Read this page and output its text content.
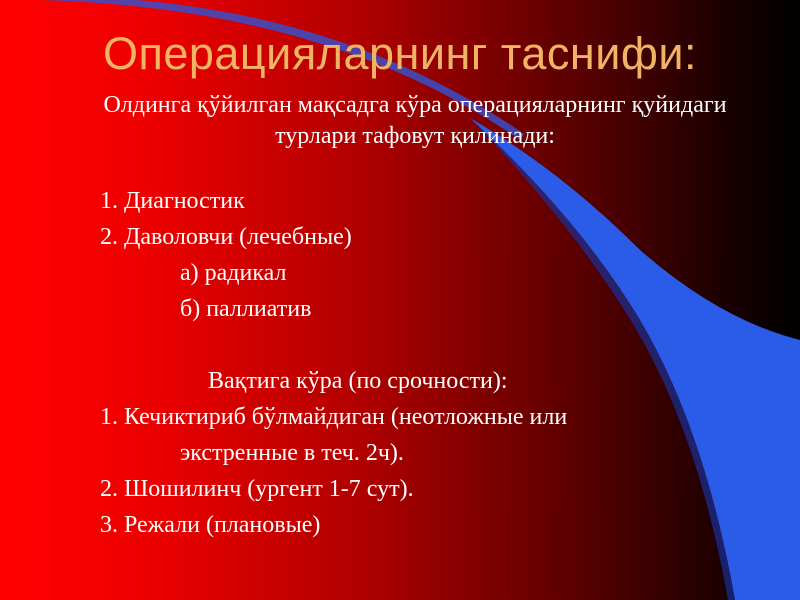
Операцияларнинг таснифи:

Олдинга қўйилган мақсадга кўра операцияларнинг қуйидаги турлари тафовут қилинади:

1. Диагностик

2. Даволовчи (лечебные)

а) радикал

б) паллиатив

Вақтига кўра (по срочности):

1. Кечиктириб бўлмайдиган (неотложные или

экстренные в теч. 2ч).

2. Шошилинч (ургент 1-7 сут).

3. Режали (плановые)
